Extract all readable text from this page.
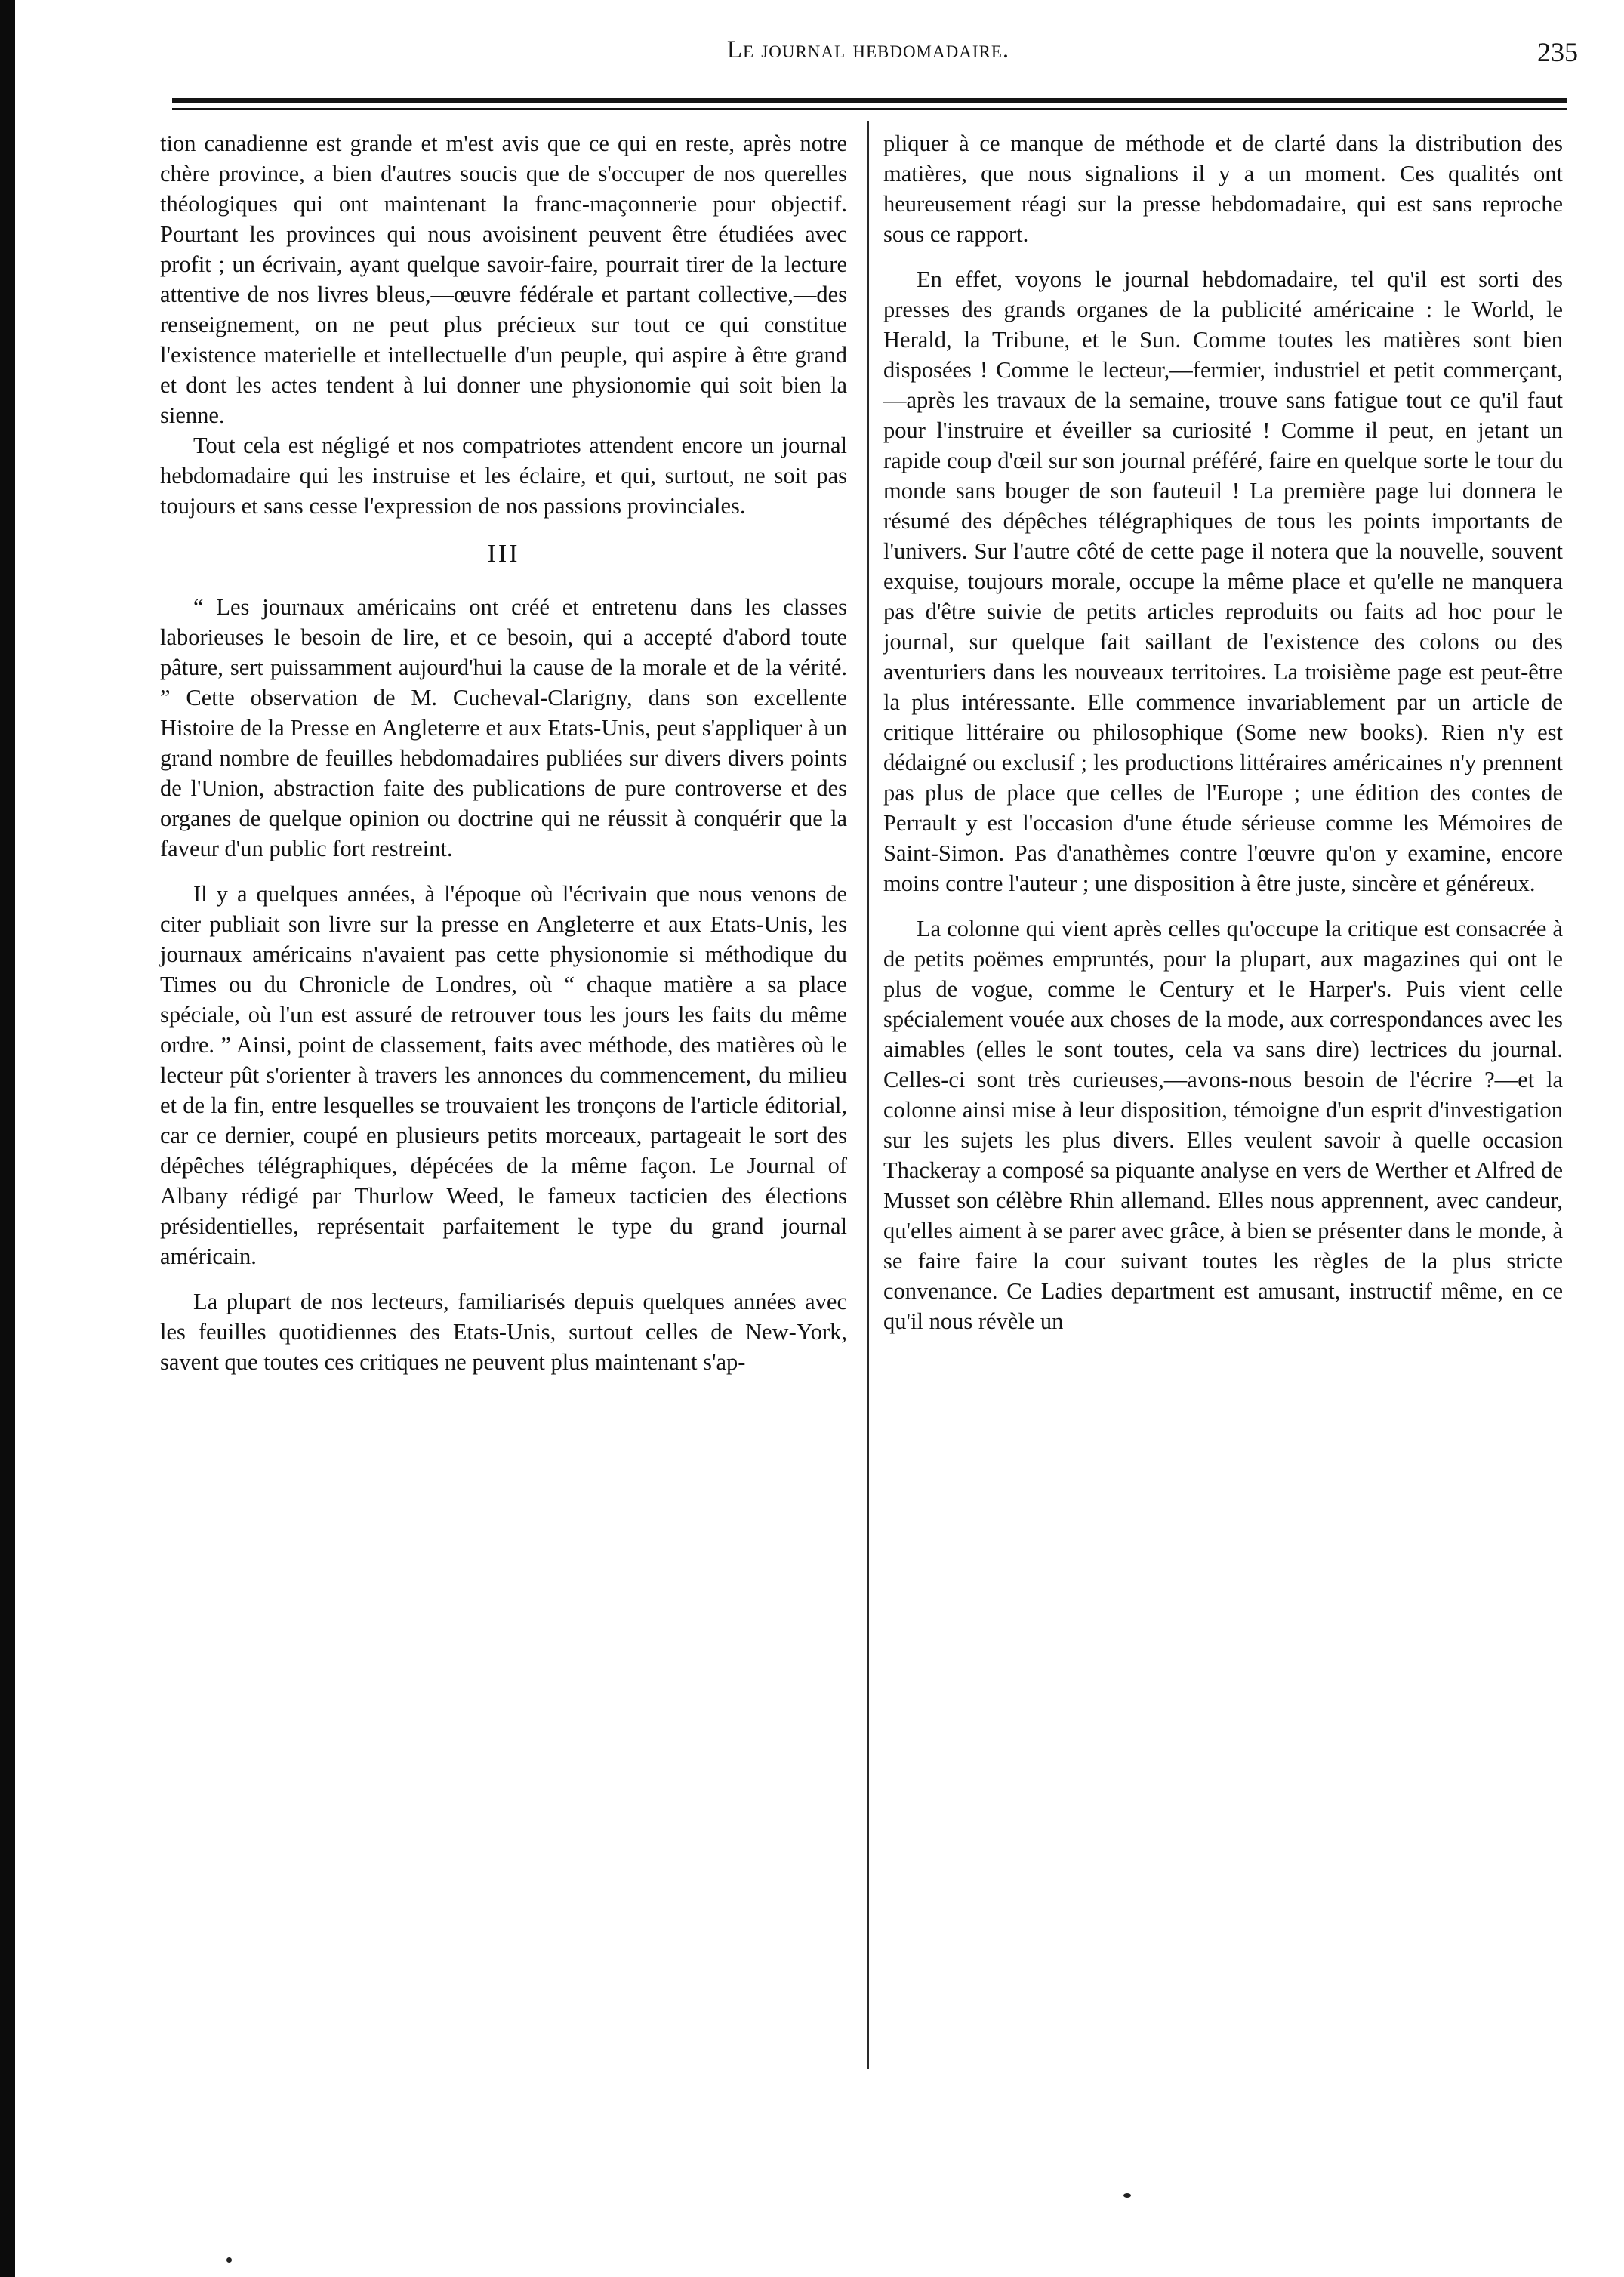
Le journal hebdomadaire.	235

tion canadienne est grande et m'est avis que ce qui en reste, après notre chère province, a bien d'autres soucis que de s'occuper de nos querelles théologiques qui ont maintenant la franc-maçonnerie pour objectif. Pourtant les provinces qui nous avoisinent peuvent être étudiées avec profit ; un écrivain, ayant quelque savoir-faire, pourrait tirer de la lecture attentive de nos livres bleus,—œuvre fédérale et partant collective,—des renseignement, on ne peut plus précieux sur tout ce qui constitue l'existence materielle et intellectuelle d'un peuple, qui aspire à être grand et dont les actes tendent à lui donner une physionomie qui soit bien la sienne.

Tout cela est négligé et nos compatriotes attendent encore un journal hebdomadaire qui les instruise et les éclaire, et qui, surtout, ne soit pas toujours et sans cesse l'expression de nos passions provinciales.

III

“ Les journaux américains ont créé et entretenu dans les classes laborieuses le besoin de lire, et ce besoin, qui a accepté d'abord toute pâture, sert puissamment aujourd'hui la cause de la morale et de la vérité. ” Cette observation de M. Cucheval-Clarigny, dans son excellente Histoire de la Presse en Angleterre et aux Etats-Unis, peut s'appliquer à un grand nombre de feuilles hebdomadaires publiées sur divers divers points de l'Union, abstraction faite des publications de pure controverse et des organes de quelque opinion ou doctrine qui ne réussit à conquérir que la faveur d'un public fort restreint.

Il y a quelques années, à l'époque où l'écrivain que nous venons de citer publiait son livre sur la presse en Angleterre et aux Etats-Unis, les journaux américains n'avaient pas cette physionomie si méthodique du Times ou du Chronicle de Londres, où “ chaque matière a sa place spéciale, où l'un est assuré de retrouver tous les jours les faits du même ordre. ” Ainsi, point de classement, faits avec méthode, des matières où le lecteur pût s'orienter à travers les annonces du commencement, du milieu et de la fin, entre lesquelles se trouvaient les tronçons de l'article éditorial, car ce dernier, coupé en plusieurs petits morceaux, partageait le sort des dépêches télégraphiques, dépécées de la même façon. Le Journal of Albany rédigé par Thurlow Weed, le fameux tacticien des élections présidentielles, représentait parfaitement le type du grand journal américain.

La plupart de nos lecteurs, familiarisés depuis quelques années avec les feuilles quotidiennes des Etats-Unis, surtout celles de New-York, savent que toutes ces critiques ne peuvent plus maintenant s'ap-

pliquer à ce manque de méthode et de clarté dans la distribution des matières, que nous signalions il y a un moment. Ces qualités ont heureusement réagi sur la presse hebdomadaire, qui est sans reproche sous ce rapport.

En effet, voyons le journal hebdomadaire, tel qu'il est sorti des presses des grands organes de la publicité américaine : le World, le Herald, la Tribune, et le Sun. Comme toutes les matières sont bien disposées ! Comme le lecteur,—fermier, industriel et petit commerçant,—après les travaux de la semaine, trouve sans fatigue tout ce qu'il faut pour l'instruire et éveiller sa curiosité ! Comme il peut, en jetant un rapide coup d'œil sur son journal préféré, faire en quelque sorte le tour du monde sans bouger de son fauteuil ! La première page lui donnera le résumé des dépêches télégraphiques de tous les points importants de l'univers. Sur l'autre côté de cette page il notera que la nouvelle, souvent exquise, toujours morale, occupe la même place et qu'elle ne manquera pas d'être suivie de petits articles reproduits ou faits ad hoc pour le journal, sur quelque fait saillant de l'existence des colons ou des aventuriers dans les nouveaux territoires. La troisième page est peut-être la plus intéressante. Elle commence invariablement par un article de critique littéraire ou philosophique (Some new books). Rien n'y est dédaigné ou exclusif ; les productions littéraires américaines n'y prennent pas plus de place que celles de l'Europe ; une édition des contes de Perrault y est l'occasion d'une étude sérieuse comme les Mémoires de Saint-Simon. Pas d'anathèmes contre l'œuvre qu'on y examine, encore moins contre l'auteur ; une disposition à être juste, sincère et généreux.

La colonne qui vient après celles qu'occupe la critique est consacrée à de petits poëmes empruntés, pour la plupart, aux magazines qui ont le plus de vogue, comme le Century et le Harper's. Puis vient celle spécialement vouée aux choses de la mode, aux correspondances avec les aimables (elles le sont toutes, cela va sans dire) lectrices du journal. Celles-ci sont très curieuses,—avons-nous besoin de l'écrire ?—et la colonne ainsi mise à leur disposition, témoigne d'un esprit d'investigation sur les sujets les plus divers. Elles veulent savoir à quelle occasion Thackeray a composé sa piquante analyse en vers de Werther et Alfred de Musset son célèbre Rhin allemand. Elles nous apprennent, avec candeur, qu'elles aiment à se parer avec grâce, à bien se présenter dans le monde, à se faire faire la cour suivant toutes les règles de la plus stricte convenance. Ce Ladies department est amusant, instructif même, en ce qu'il nous révèle un
